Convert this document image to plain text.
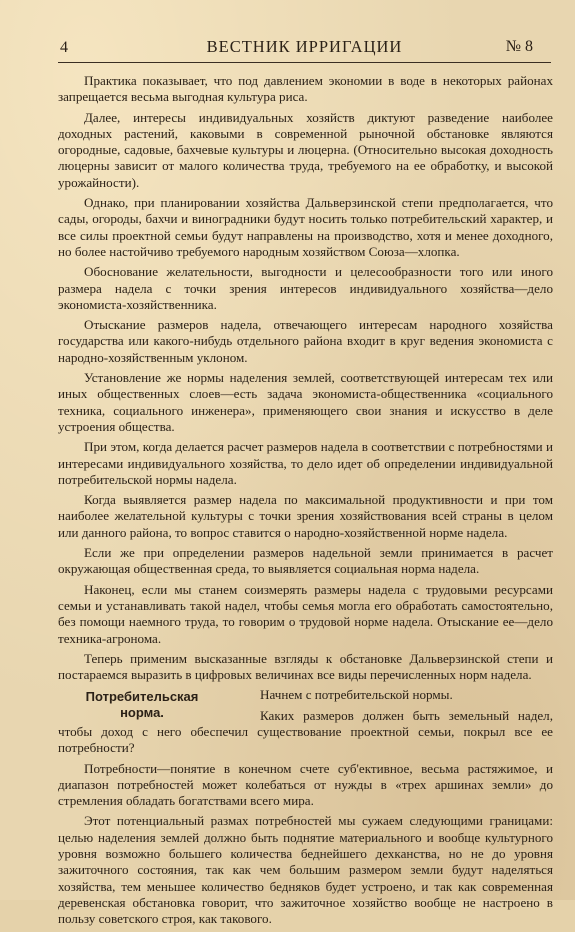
4	ВЕСТНИК ИРРИГАЦИИ	№ 8

Практика показывает, что под давлением экономии в воде в некоторых районах запрещается весьма выгодная культура риса.

Далее, интересы индивидуальных хозяйств диктуют разведение наиболее доходных растений, каковыми в современной рыночной обстановке являются огородные, садовые, бахчевые культуры и люцерна. (Относительно высокая доходность люцерны зависит от малого количества труда, требуемого на ее обработку, и высокой урожайности).

Однако, при планировании хозяйства Дальверзинской степи предполагается, что сады, огороды, бахчи и виноградники будут носить только потребительский характер, и все силы проектной семьи будут направлены на производство, хотя и менее доходного, но более настойчиво требуемого народным хозяйством Союза—хлопка.

Обоснование желательности, выгодности и целесообразности того или иного размера надела с точки зрения интересов индивидуального хозяйства—дело экономиста-хозяйственника.

Отыскание размеров надела, отвечающего интересам народного хозяйства государства или какого-нибудь отдельного района входит в круг ведения экономиста с народно-хозяйственным уклоном.

Установление же нормы наделения землей, соответствующей интересам тех или иных общественных слоев—есть задача экономиста-общественника «социального техника, социального инженера», применяющего свои знания и искусство в деле устроения общества.

При этом, когда делается расчет размеров надела в соответствии с потребностями и интересами индивидуального хозяйства, то дело идет об определении индивидуальной потребительской нормы надела.

Когда выявляется размер надела по максимальной продуктивности и при том наиболее желательной культуры с точки зрения хозяйствования всей страны в целом или данного района, то вопрос ставится о народно-хозяйственной норме надела.

Если же при определении размеров надельной земли принимается в расчет окружающая общественная среда, то выявляется социальная норма надела.

Наконец, если мы станем соизмерять размеры надела с трудовыми ресурсами семьи и устанавливать такой надел, чтобы семья могла его обработать самостоятельно, без помощи наемного труда, то говорим о трудовой норме надела. Отыскание ее—дело техника-агронома.

Теперь применим высказанные взгляды к обстановке Дальверзинской степи и постараемся выразить в цифровых величинах все виды перечисленных норм надела.

Потребительская
норма.

Начнем с потребительской нормы.

Каких размеров должен быть земельный надел, чтобы доход с него обеспечил существование проектной семьи, покрыл все ее потребности?

Потребности—понятие в конечном счете суб'ективное, весьма растяжимое, и диапазон потребностей может колебаться от нужды в «трех аршинах земли» до стремления обладать богатствами всего мира.

Этот потенциальный размах потребностей мы сужаем следующими границами: целью наделения землей должно быть поднятие материального и вообще культурного уровня возможно большего количества беднейшего дехканства, но не до уровня зажиточного состояния, так как чем большим размером земли будут наделяться хозяйства, тем меньшее количество бедняков будет устроено, и так как современная деревенская обстановка говорит, что зажиточное хозяйство вообще не настроено в пользу советского строя, как такового.
